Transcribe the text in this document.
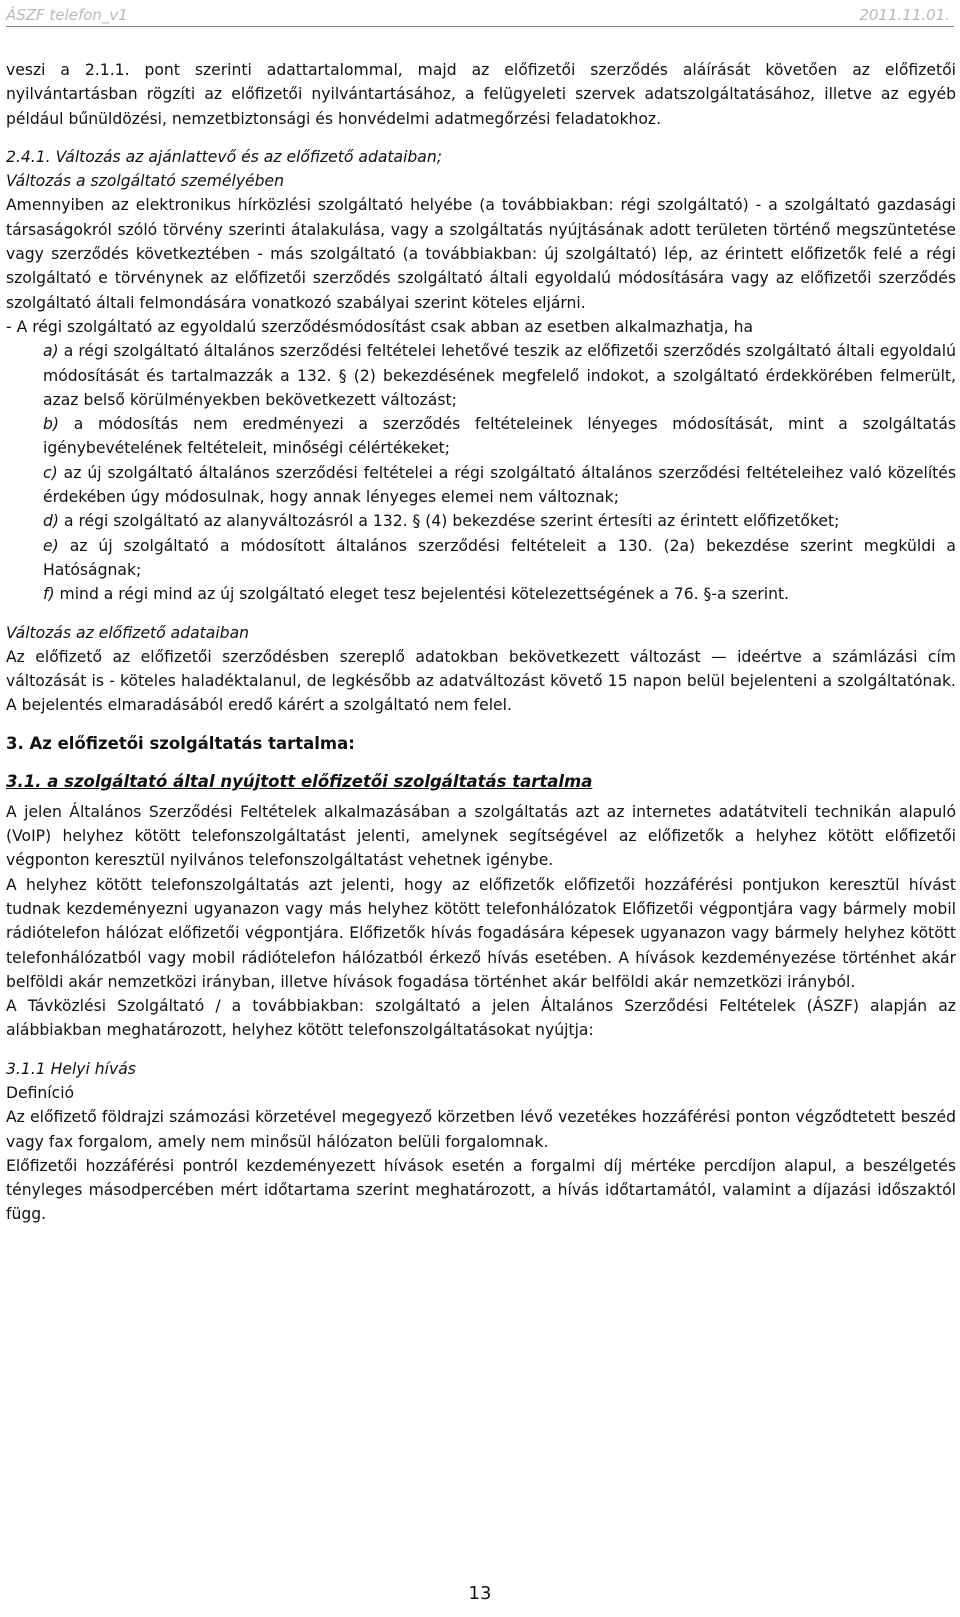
ÁSZF telefon_v1	2011.11.01.

veszi a 2.1.1. pont szerinti adattartalommal, majd az előfizetői szerződés aláírását követően az előfizetői nyilvántartásban rögzíti az előfizetői nyilvántartásához, a felügyeleti szervek adatszolgáltatásához, illetve az egyéb például bűnüldözési, nemzetbiztonsági és honvédelmi adatmegőrzési feladatokhoz.

2.4.1. Változás az ajánlattevő és az előfizető adataiban;

Változás a szolgáltató személyében

Amennyiben az elektronikus hírközlési szolgáltató helyébe (a továbbiakban: régi szolgáltató) - a szolgáltató gazdasági társaságokról szóló törvény szerinti átalakulása, vagy a szolgáltatás nyújtásának adott területen történő megszüntetése vagy szerződés következtében - más szolgáltató (a továbbiakban: új szolgáltató) lép, az érintett előfizetők felé a régi szolgáltató e törvénynek az előfizetői szerződés szolgáltató általi egyoldalú módosítására vagy az előfizetői szerződés szolgáltató általi felmondására vonatkozó szabályai szerint köteles eljárni.

- A régi szolgáltató az egyoldalú szerződésmódosítást csak abban az esetben alkalmazhatja, ha

a) a régi szolgáltató általános szerződési feltételei lehetővé teszik az előfizetői szerződés szolgáltató általi egyoldalú módosítását és tartalmazzák a 132. § (2) bekezdésének megfelelő indokot, a szolgáltató érdekkörében felmerült, azaz belső körülményekben bekövetkezett változást;

b) a módosítás nem eredményezi a szerződés feltételeinek lényeges módosítását, mint a szolgáltatás igénybevételének feltételeit, minőségi célértékeket;

c) az új szolgáltató általános szerződési feltételei a régi szolgáltató általános szerződési feltételeihez való közelítés érdekében úgy módosulnak, hogy annak lényeges elemei nem változnak;

d) a régi szolgáltató az alanyváltozásról a 132. § (4) bekezdése szerint értesíti az érintett előfizetőket;

e) az új szolgáltató a módosított általános szerződési feltételeit a 130. (2a) bekezdése szerint megküldi a Hatóságnak;

f) mind a régi mind az új szolgáltató eleget tesz bejelentési kötelezettségének a 76. §-a szerint.

Változás az előfizető adataiban

Az előfizető az előfizetői szerződésben szereplő adatokban bekövetkezett változást — ideértve a számlázási cím változását is - köteles haladéktalanul, de legkésőbb az adatváltozást követő 15 napon belül bejelenteni a szolgáltatónak. A bejelentés elmaradásából eredő kárért a szolgáltató nem felel.

3. Az előfizetői szolgáltatás tartalma:

3.1. a szolgáltató által nyújtott előfizetői szolgáltatás tartalma

A jelen Általános Szerződési Feltételek alkalmazásában a szolgáltatás azt az internetes adatátviteli technikán alapuló (VoIP) helyhez kötött telefonszolgáltatást jelenti, amelynek segítségével az előfizetők a helyhez kötött előfizetői végponton keresztül nyilvános telefonszolgáltatást vehetnek igénybe.

A helyhez kötött telefonszolgáltatás azt jelenti, hogy az előfizetők előfizetői hozzáférési pontjukon keresztül hívást tudnak kezdeményezni ugyanazon vagy más helyhez kötött telefonhálózatok Előfizetői végpontjára vagy bármely mobil rádiótelefon hálózat előfizetői végpontjára. Előfizetők hívás fogadására képesek ugyanazon vagy bármely helyhez kötött telefonhálózatból vagy mobil rádiótelefon hálózatból érkező hívás esetében. A hívások kezdeményezése történhet akár belföldi akár nemzetközi irányban, illetve hívások fogadása történhet akár belföldi akár nemzetközi irányból.

A Távközlési Szolgáltató / a továbbiakban: szolgáltató a jelen Általános Szerződési Feltételek (ÁSZF) alapján az alábbiakban meghatározott, helyhez kötött telefonszolgáltatásokat nyújtja:

3.1.1 Helyi hívás

Definíció

Az előfizető földrajzi számozási körzetével megegyező körzetben lévő vezetékes hozzáférési ponton végződtetett beszéd vagy fax forgalom, amely nem minősül hálózaton belüli forgalomnak.

Előfizetői hozzáférési pontról kezdeményezett hívások esetén a forgalmi díj mértéke percdíjon alapul, a beszélgetés tényleges másodpercében mért időtartama szerint meghatározott, a hívás időtartamától, valamint a díjazási időszaktól függ.

13
